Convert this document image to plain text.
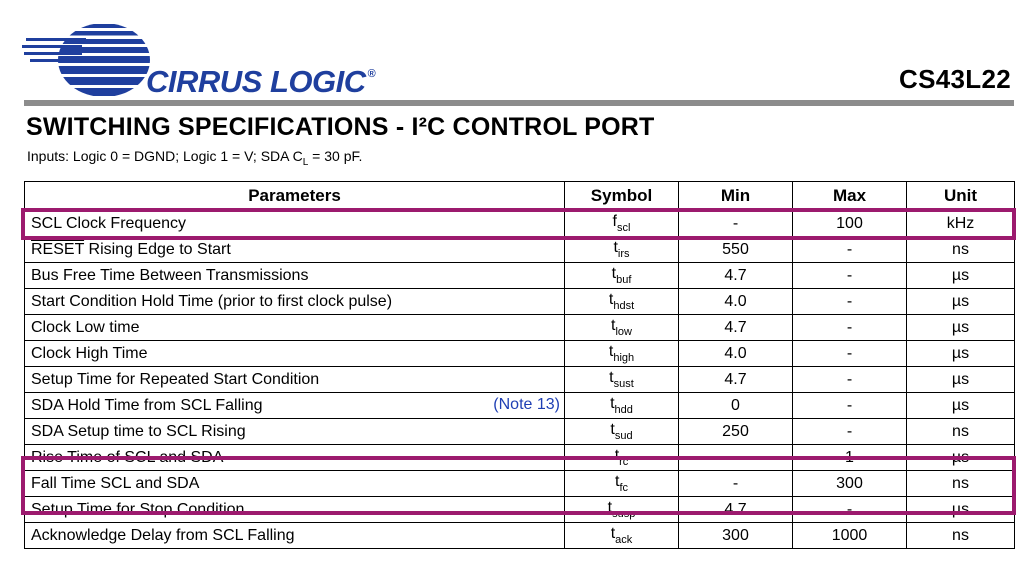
CIRRUS LOGIC ®	CS43L22
SWITCHING SPECIFICATIONS - I²C CONTROL PORT
Inputs: Logic 0 = DGND; Logic 1 = V; SDA $C_L = 30$ pF.
Parameters	Symbol	Min	Max	Unit
SCL Clock Frequency	$f_{scl}$	-	100	kHz
RESET Rising Edge to Start	$t_{irs}$	550	-	ns
Bus Free Time Between Transmissions	$t_{buf}$	4.7	-	µs
Start Condition Hold Time (prior to first clock pulse)	$t_{hdst}$	4.0	-	µs
Clock Low time	$t_{low}$	4.7	-	µs
Clock High Time	$t_{high}$	4.0	-	µs
Setup Time for Repeated Start Condition	$t_{sust}$	4.7	-	µs
SDA Hold Time from SCL Falling (Note 13)	$t_{hdd}$	0	-	µs
SDA Setup time to SCL Rising	$t_{sud}$	250	-	ns
Rise Time of SCL and SDA	$t_{rc}$	-	1	µs
Fall Time SCL and SDA	$t_{fc}$	-	300	ns
Setup Time for Stop Condition	$t_{susp}$	4.7	-	µs
Acknowledge Delay from SCL Falling	$t_{ack}$	300	1000	ns
